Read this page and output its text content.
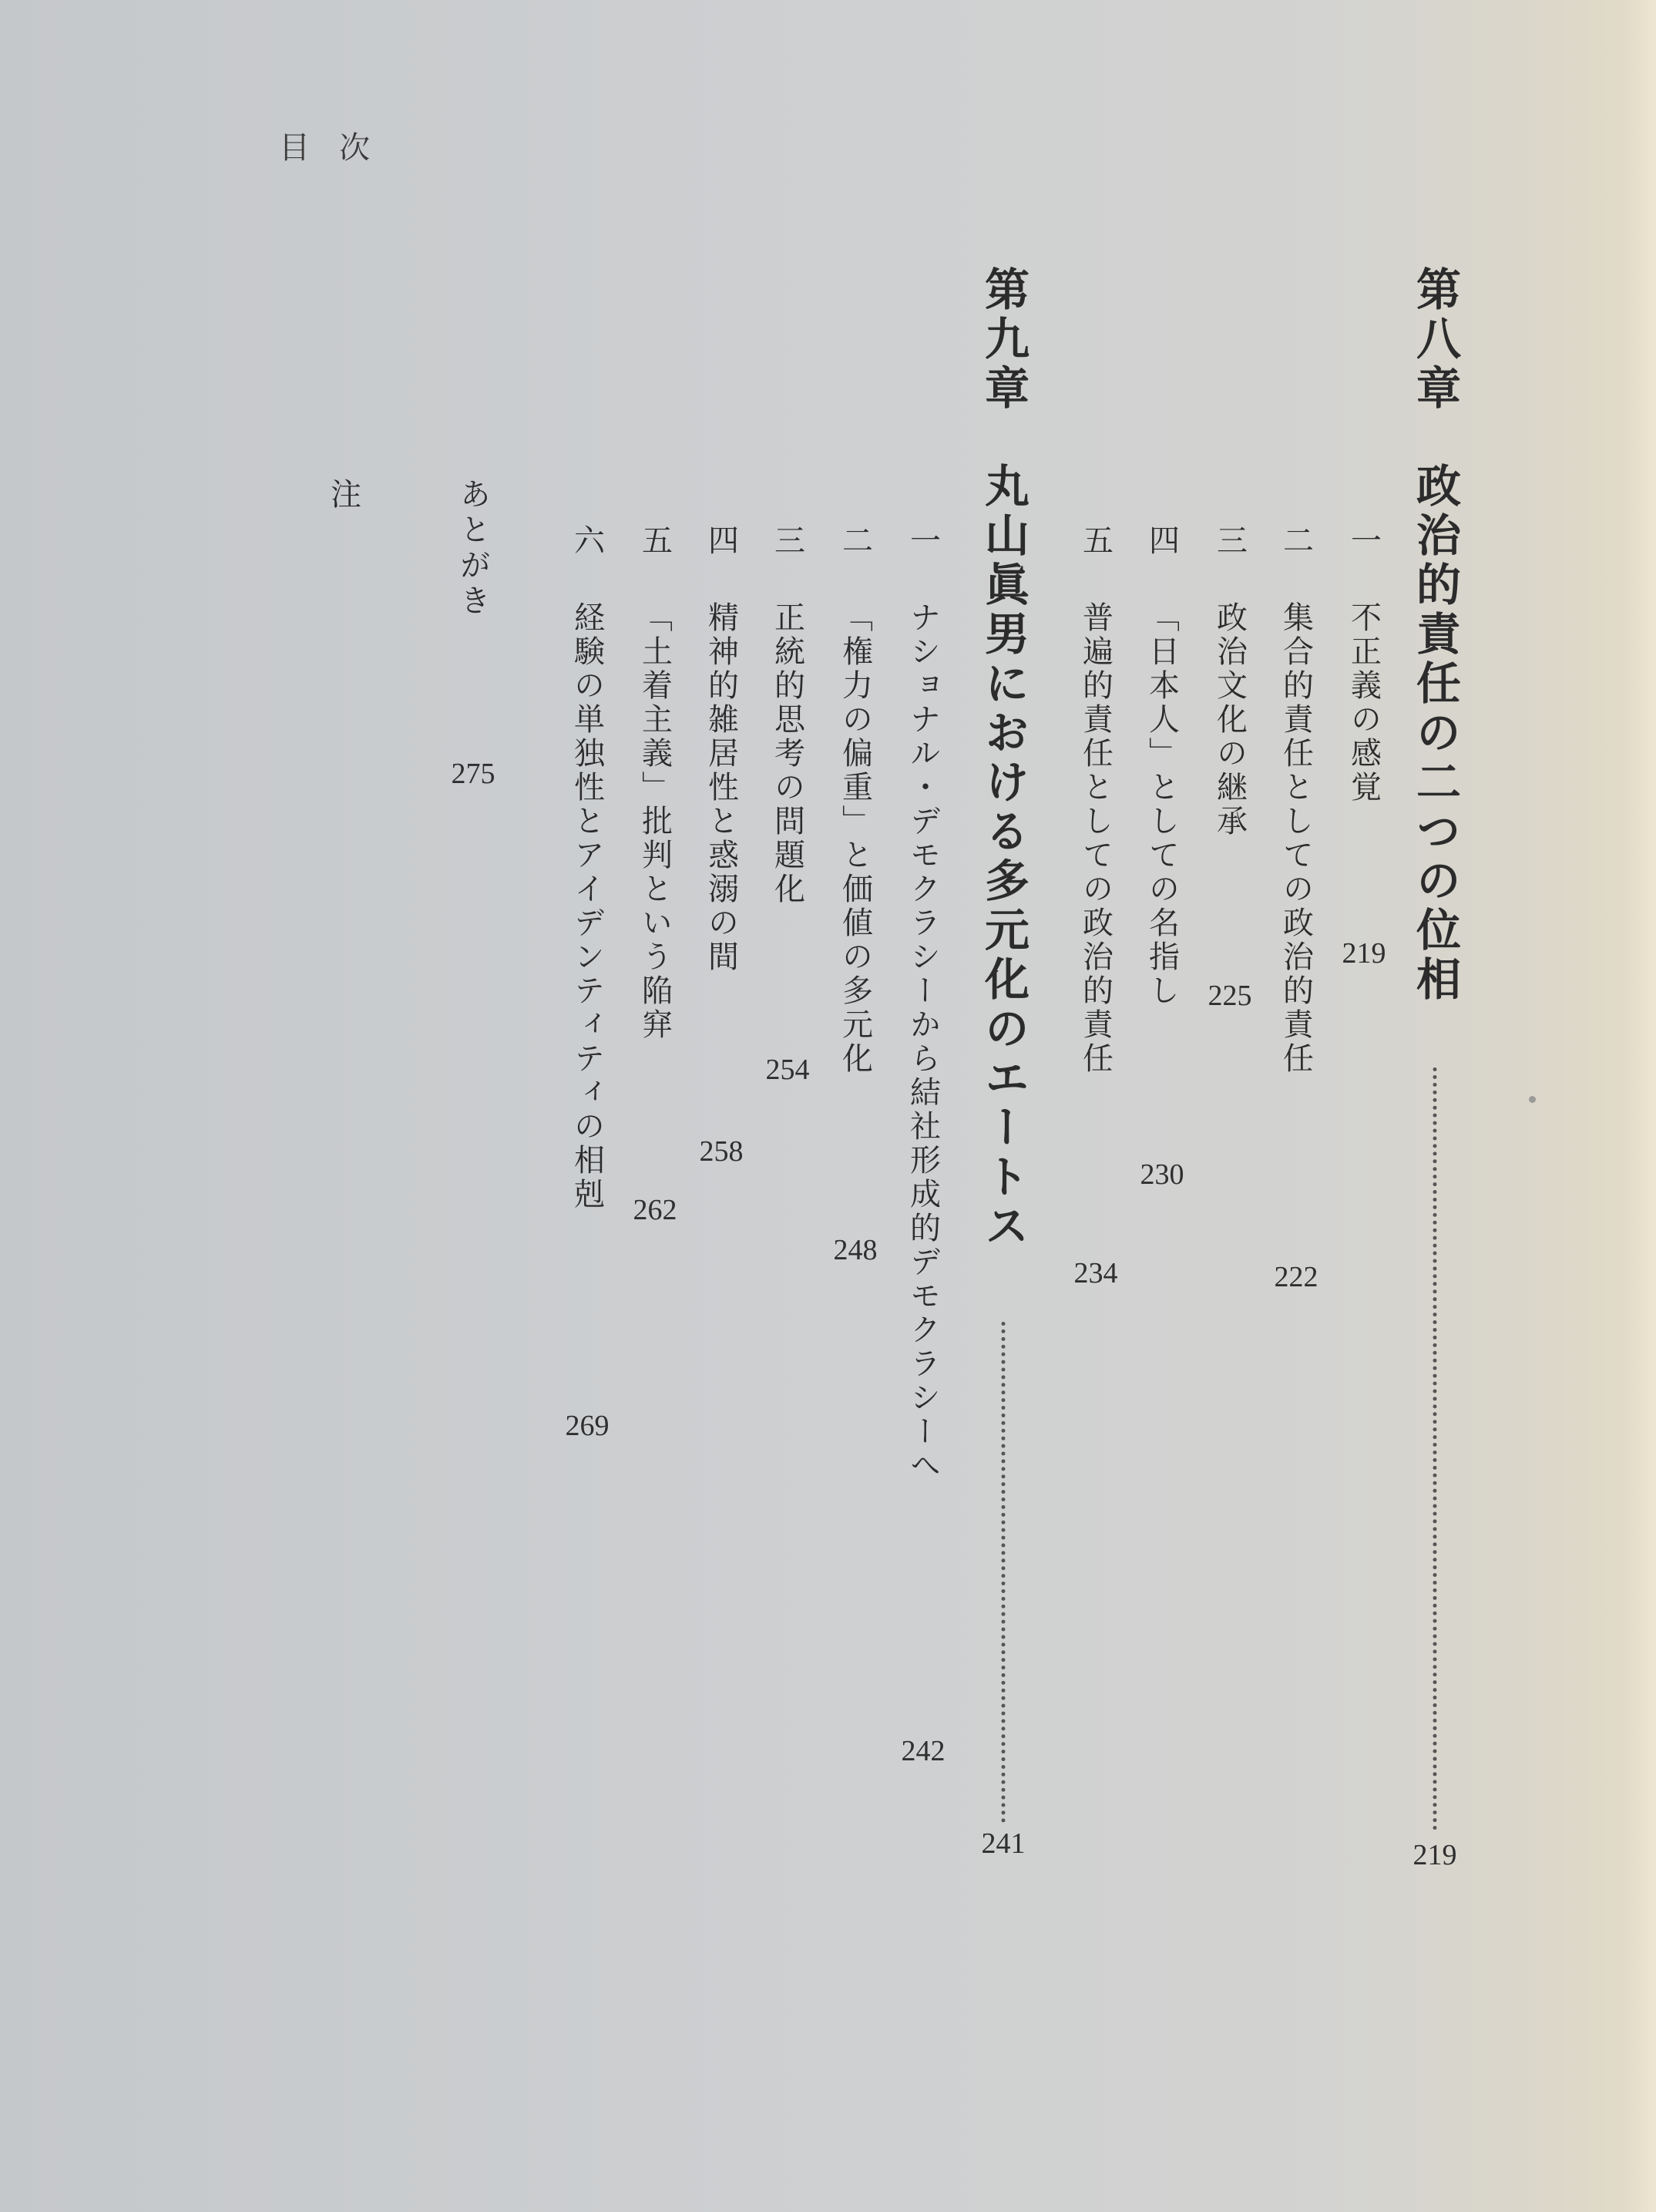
目次

第八章

政治的責任の二つの位相

219

一

不正義の感覚

219

二

集合的責任としての政治的責任

222

三

政治文化の継承

225

四

「日本人」としての名指し

230

五

普遍的責任としての政治的責任

234

第九章

丸山眞男における多元化のエートス

241

一

ナショナル・デモクラシーから結社形成的デモクラシーへ

242

二

「権力の偏重」と価値の多元化

248

三

正統的思考の問題化

254

四

精神的雑居性と惑溺の間

258

五

「土着主義」批判という陥穽

262

六

経験の単独性とアイデンティティの相剋

269

あとがき

275

注
